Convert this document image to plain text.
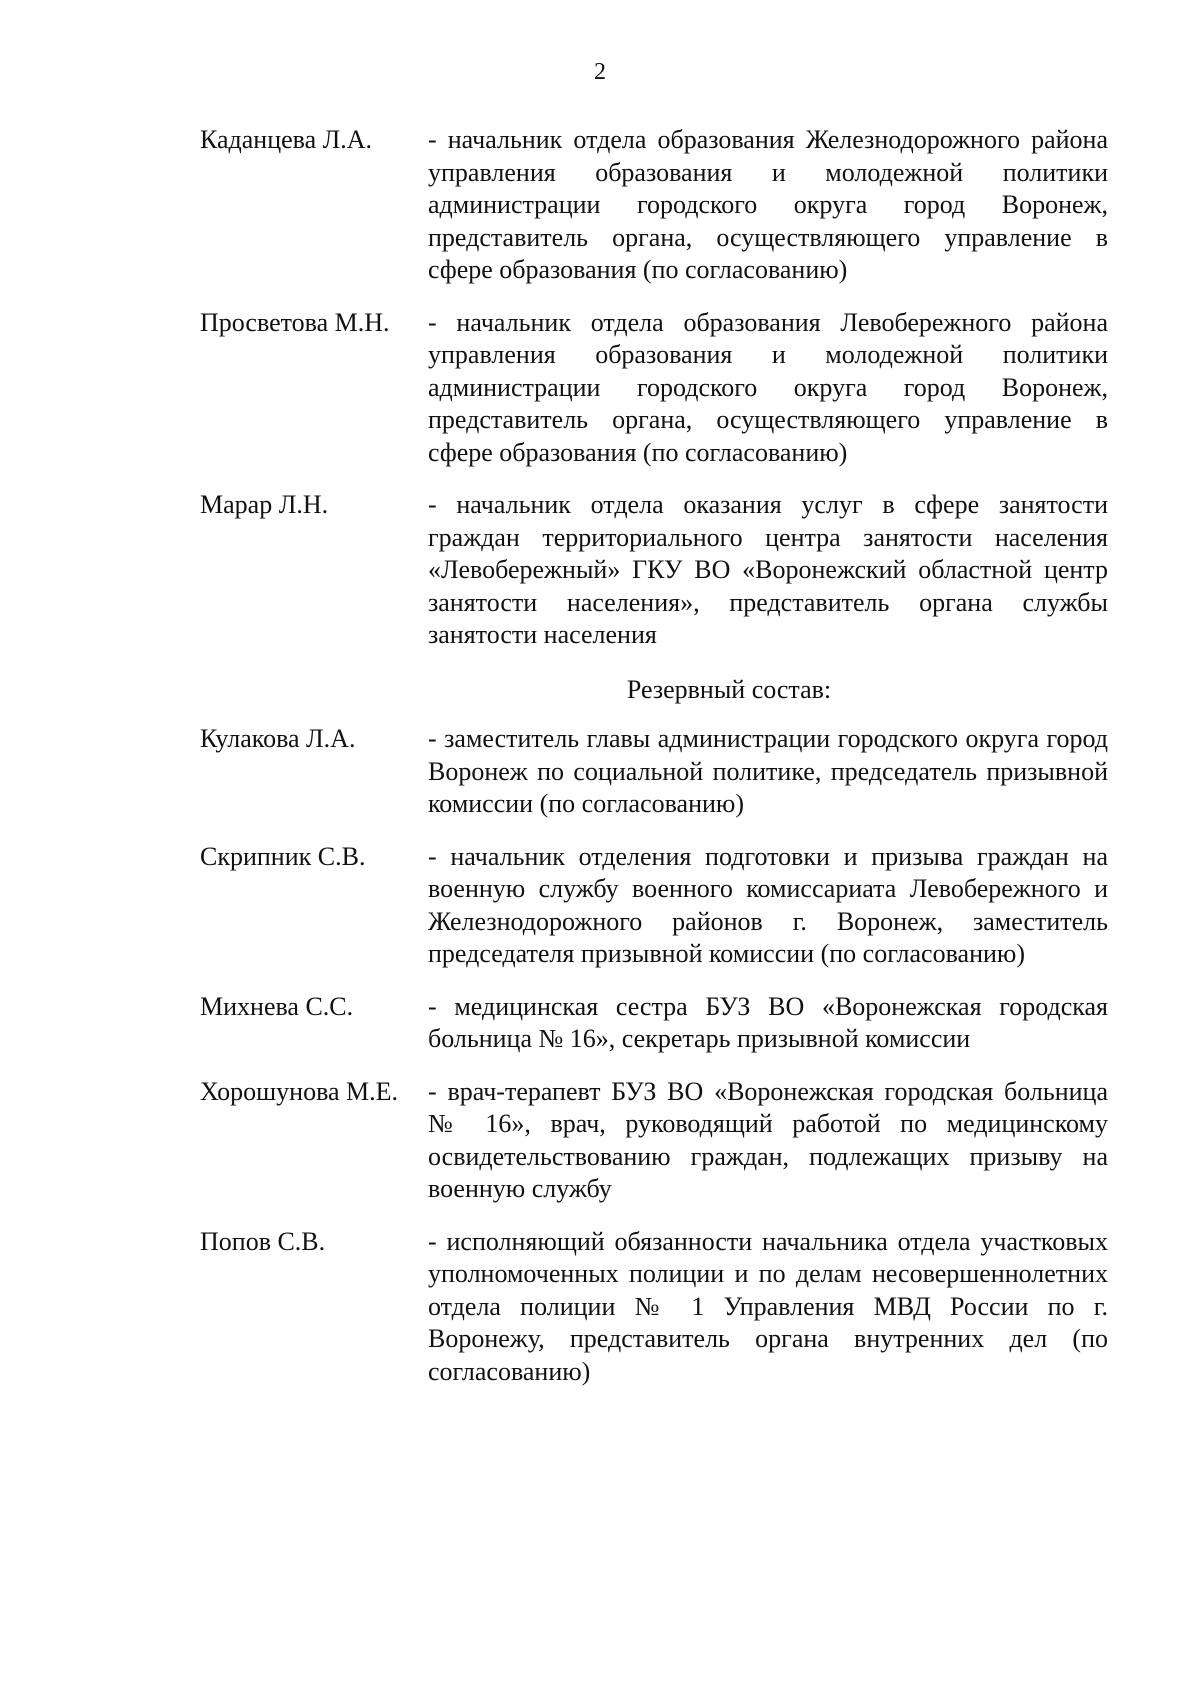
2
Каданцева Л.А.	- начальник отдела образования Железнодорожного района управления образования и молодежной политики администрации городского округа город Воронеж, представитель органа, осуществляющего управление в сфере образования (по согласованию)
Просветова М.Н.	- начальник отдела образования Левобережного района управления образования и молодежной политики администрации городского округа город Воронеж, представитель органа, осуществляющего управление в сфере образования (по согласованию)
Марар Л.Н.	- начальник отдела оказания услуг в сфере занятости граждан территориального центра занятости населения «Левобережный» ГКУ ВО «Воронежский областной центр занятости населения», представитель органа службы занятости населения
Резервный состав:
Кулакова Л.А.	- заместитель главы администрации городского округа город Воронеж по социальной политике, председатель призывной комиссии (по согласованию)
Скрипник С.В.	- начальник отделения подготовки и призыва граждан на военную службу военного комиссариата Левобережного и Железнодорожного районов г. Воронеж, заместитель председателя призывной комиссии (по согласованию)
Михнева С.С.	- медицинская сестра БУЗ ВО «Воронежская городская больница № 16», секретарь призывной комиссии
Хорошунова М.Е.	- врач-терапевт БУЗ ВО «Воронежская городская больница № 16», врач, руководящий работой по медицинскому освидетельствованию граждан, подлежащих призыву на военную службу
Попов С.В.	- исполняющий обязанности начальника отдела участковых уполномоченных полиции и по делам несовершеннолетних отдела полиции № 1 Управления МВД России по г. Воронежу, представитель органа внутренних дел (по согласованию)
